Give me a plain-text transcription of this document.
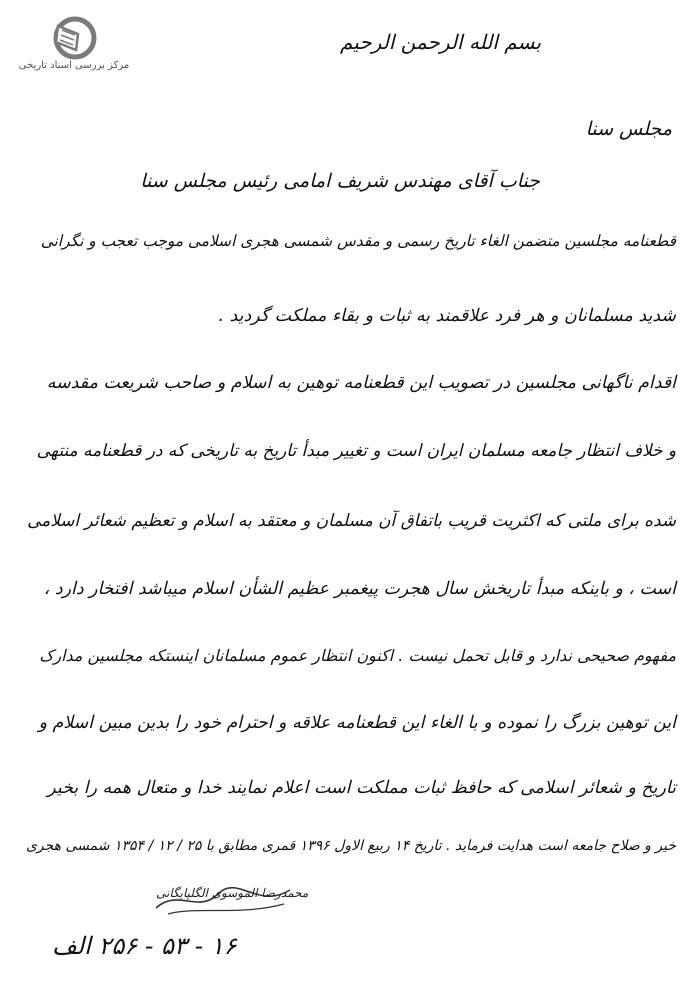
مرکز بررسی اسناد تاریخی
بسم الله الرحمن الرحیم
مجلس سنا
جناب آقای مهندس شریف امامی رئیس مجلس سنا
قطعنامه مجلسین متضمن الغاء تاریخ رسمی و مقدس شمسی هجری اسلامی موجب تعجب و نگرانی
شدید مسلمانان و هر فرد علاقمند به ثبات و بقاء مملکت گردید .
اقدام ناگهانی مجلسین در تصویب این قطعنامه توهین به اسلام و صاحب شریعت مقدسه
و خلاف انتظار جامعه مسلمان ایران است و تغییر مبدأ تاریخ به تاریخی که در قطعنامه منتهی
شده برای ملتی که اکثریت قریب باتفاق آن مسلمان و معتقد به اسلام و تعظیم شعائر اسلامی
است ، و باینکه مبدأ تاریخش سال هجرت پیغمبر عظیم الشأن اسلام میباشد افتخار دارد ،
مفهوم صحیحی ندارد و قابل تحمل نیست . اکنون انتظار عموم مسلمانان اینستکه مجلسین مدارک
این توهین بزرگ را نموده و با الغاء این قطعنامه علاقه و احترام خود را بدین مبین اسلام و
تاریخ و شعائر اسلامی که حافظ ثبات مملکت است اعلام نمایند خدا و متعال همه را بخیر
خیر و صلاح جامعه است هدایت فرماید . تاریخ ۱۴ ربیع الاول ۱۳۹۶ قمری مطابق با ۲۵ / ۱۲ / ۱۳۵۴ شمسی هجری
محمدرضا الموسوی الگلپایگانی
۱۶ - ۵۳ - ۲۵۶ الف
